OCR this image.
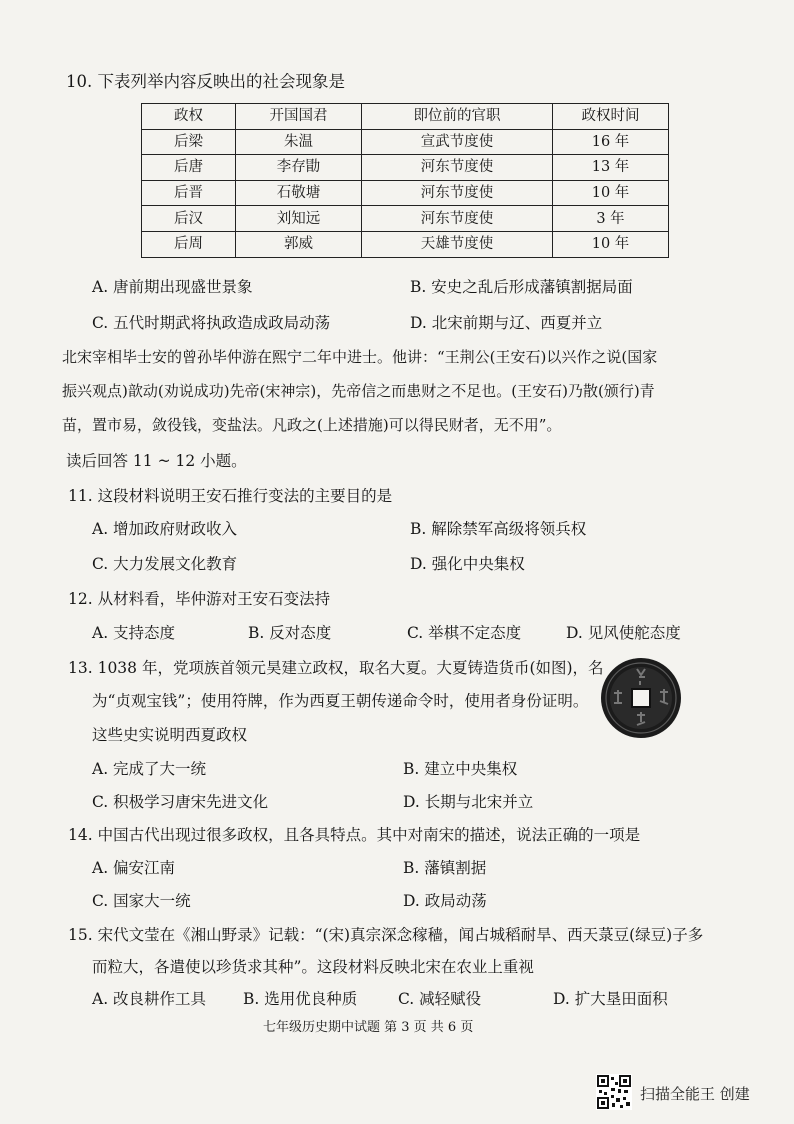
10. 下表列举内容反映出的社会现象是
政权	开国国君	即位前的官职	政权时间
后梁	朱温	宣武节度使	16 年
后唐	李存勖	河东节度使	13 年
后晋	石敬塘	河东节度使	10 年
后汉	刘知远	河东节度使	3 年
后周	郭威	天雄节度使	10 年
A. 唐前期出现盛世景象	B. 安史之乱后形成藩镇割据局面
C. 五代时期武将执政造成政局动荡	D. 北宋前期与辽、西夏并立
北宋宰相毕士安的曾孙毕仲游在熙宁二年中进士。他讲：“王荆公(王安石)以兴作之说(国家
振兴观点)歆动(劝说成功)先帝(宋神宗)，先帝信之而患财之不足也。(王安石)乃散(颁行)青
苗，置市易，敛役钱，变盐法。凡政之(上述措施)可以得民财者，无不用”。
读后回答 11 ~ 12 小题。
11. 这段材料说明王安石推行变法的主要目的是
A. 增加政府财政收入	B. 解除禁军高级将领兵权
C. 大力发展文化教育	D. 强化中央集权
12. 从材料看，毕仲游对王安石变法持
A. 支持态度	B. 反对态度	C. 举棋不定态度	D. 见风使舵态度
13. 1038 年，党项族首领元昊建立政权，取名大夏。大夏铸造货币(如图)，名
为“贞观宝钱”；使用符牌，作为西夏王朝传递命令时，使用者身份证明。
这些史实说明西夏政权
A. 完成了大一统	B. 建立中央集权
C. 积极学习唐宋先进文化	D. 长期与北宋并立
14. 中国古代出现过很多政权，且各具特点。其中对南宋的描述，说法正确的一项是
A. 偏安江南	B. 藩镇割据
C. 国家大一统	D. 政局动荡
15. 宋代文莹在《湘山野录》记载：“(宋)真宗深念稼穑，闻占城稻耐旱、西天菉豆(绿豆)子多
而粒大，各遣使以珍货求其种”。这段材料反映北宋在农业上重视
A. 改良耕作工具 B. 选用优良种质	C. 减轻赋役	D. 扩大垦田面积
七年级历史期中试题 第 3 页 共 6 页
扫描全能王 创建
